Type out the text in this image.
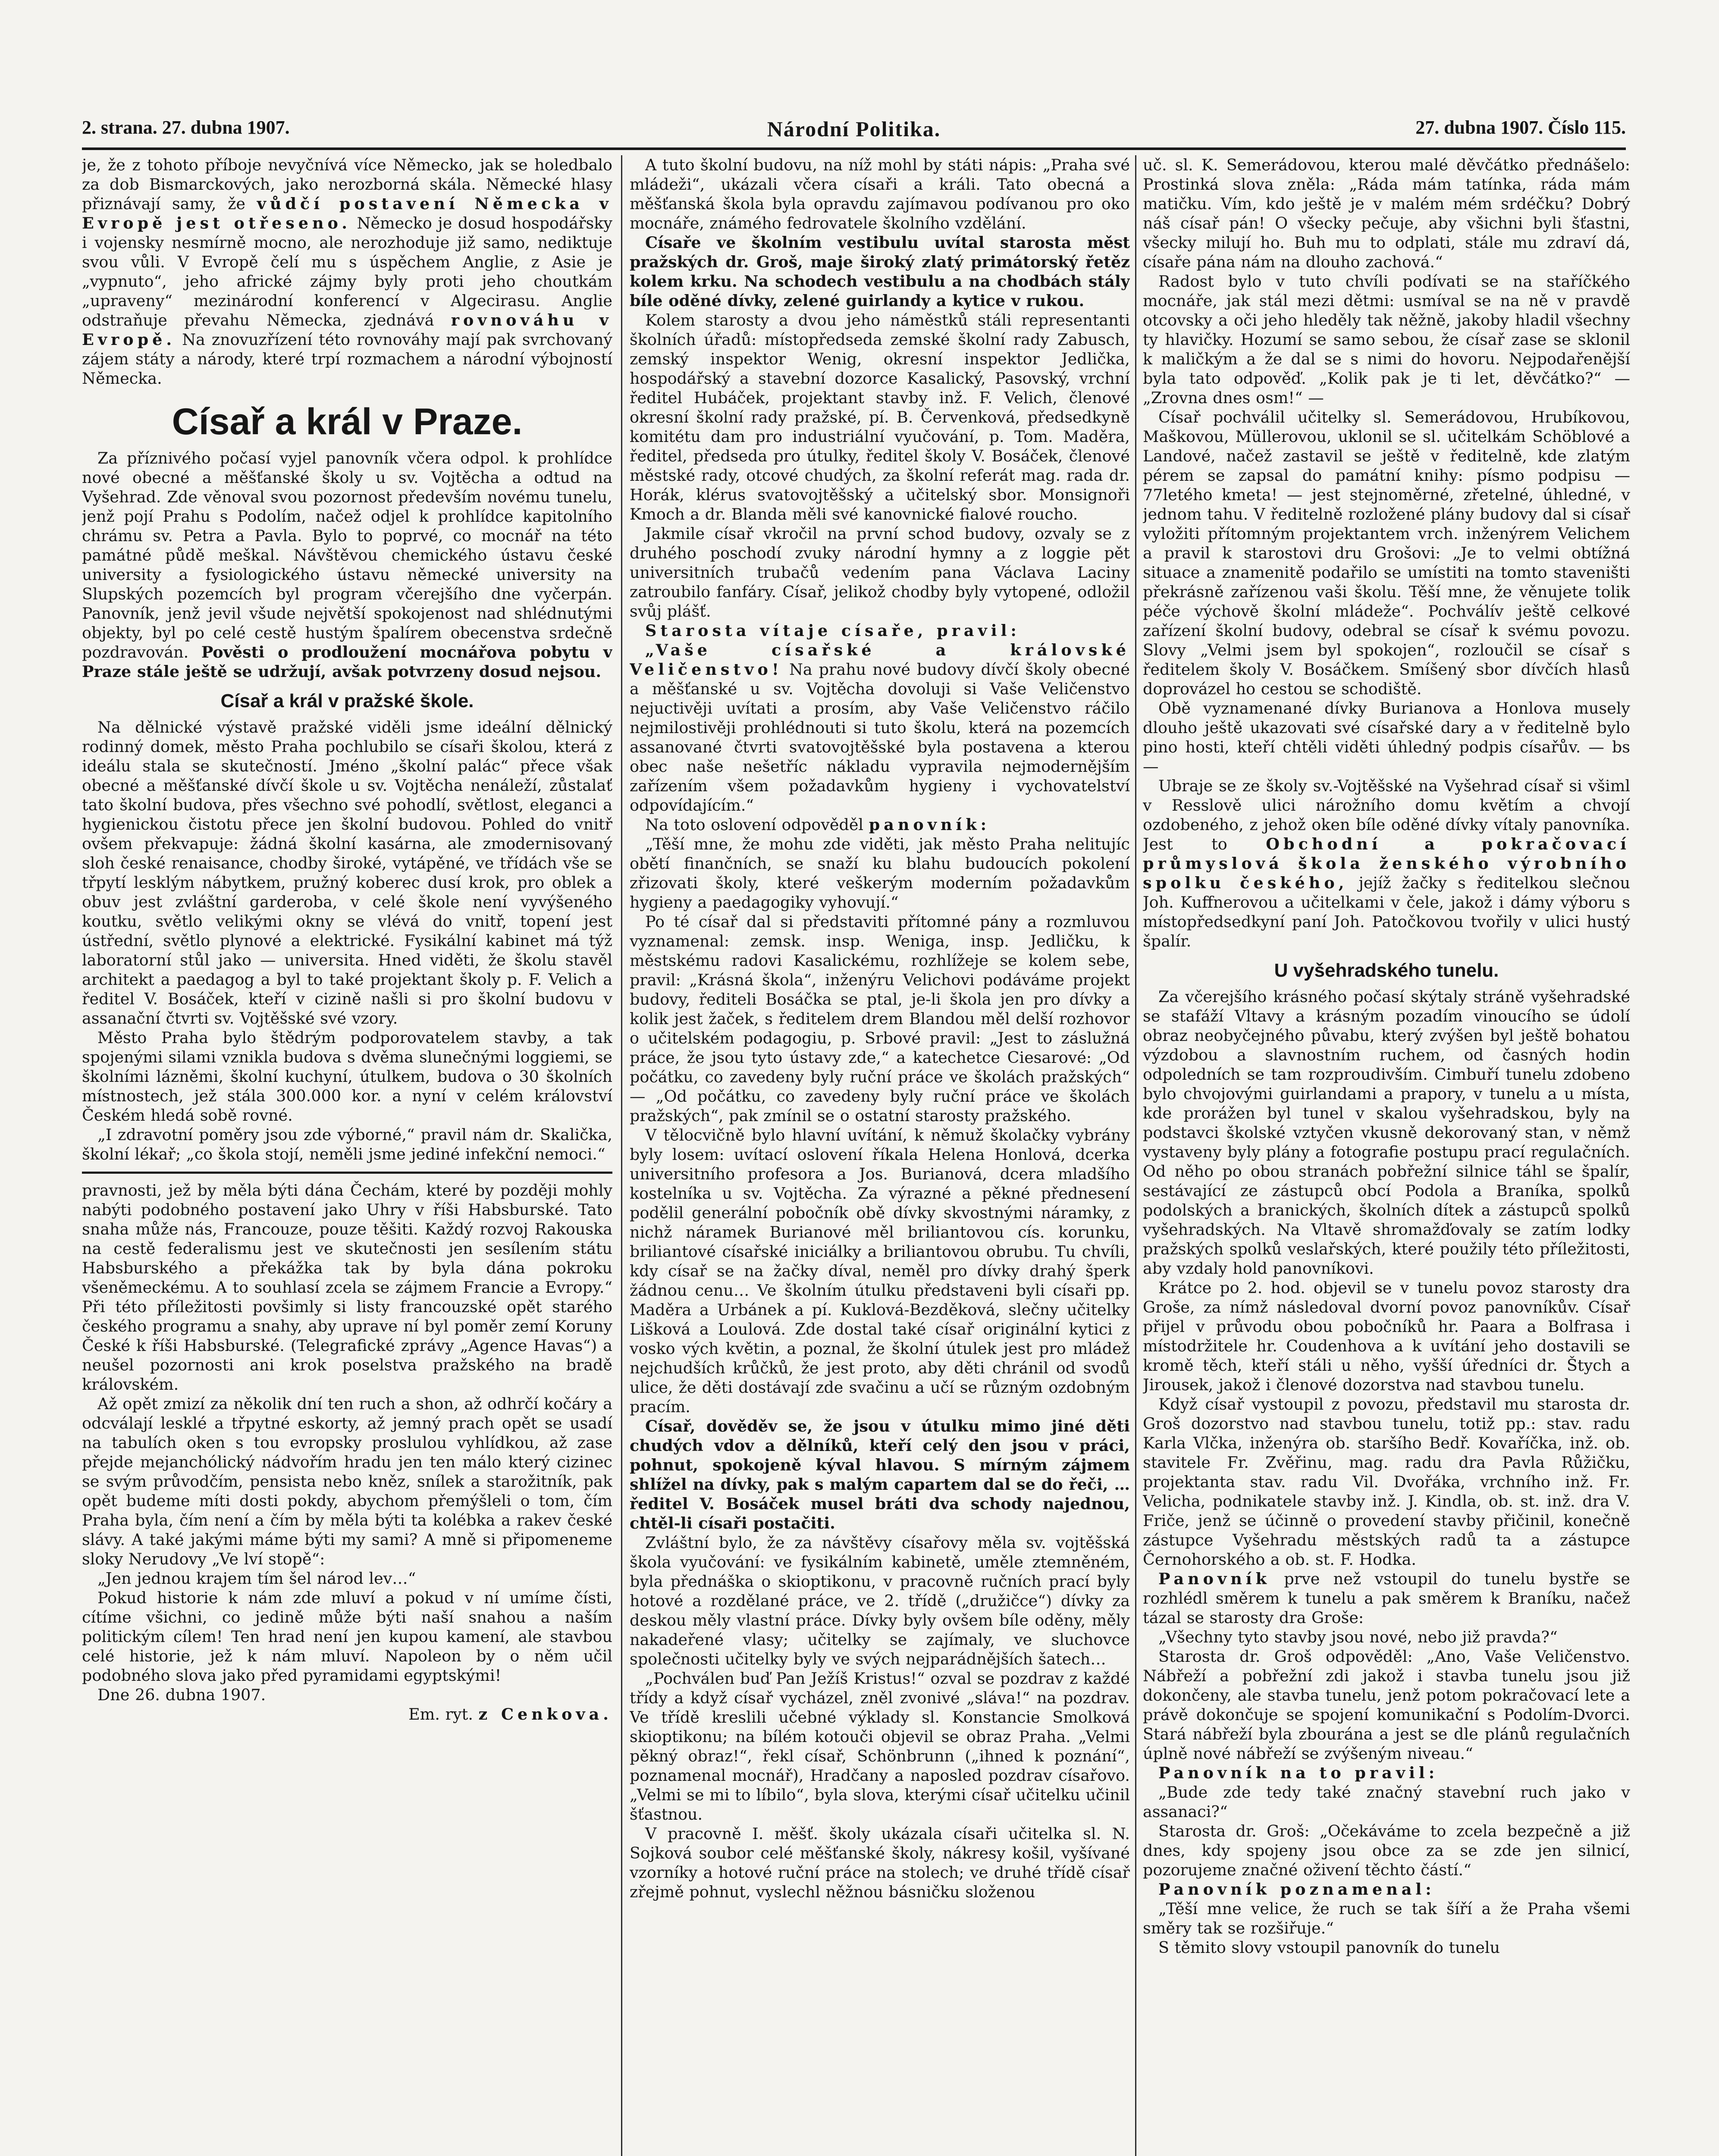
2. strana. 27. dubna 1907.	Národní Politika.	27. dubna 1907. Číslo 115.

je, že z tohoto příboje nevyčnívá více Německo, jak se holedbalo za dob Bismarckových, jako nerozborná skála. Německé hlasy přiznávají samy, že vůdčí postavení Německa v Evropě jest otřeseno. Německo je dosud hospodářsky i vojensky nesmírně mocno, ale nerozhoduje již samo, nediktuje svou vůli. V Evropě čelí mu s úspěchem Anglie, z Asie je „vypnuto“, jeho africké zájmy byly proti jeho choutkám „upraveny“ mezinárodní konferencí v Algecirasu. Anglie odstraňuje převahu Německa, zjednává rovnováhu v Evropě. Na znovuzřízení této rovnováhy mají pak svrchovaný zájem státy a národy, které trpí rozmachem a národní výbojností Německa.

Císař a král v Praze.

Za příznivého počasí vyjel panovník včera odpol. k prohlídce nové obecné a měšťanské školy u sv. Vojtěcha a odtud na Vyšehrad. Zde věnoval svou pozornost především novému tunelu, jenž pojí Prahu s Podolím, načež odjel k prohlídce kapitolního chrámu sv. Petra a Pavla. Bylo to poprvé, co mocnář na této památné půdě meškal. Návštěvou chemického ústavu české university a fysiologického ústavu německé university na Slupských pozemcích byl program včerejšího dne vyčerpán. Panovník, jenž jevil všude největší spokojenost nad shlédnutými objekty, byl po celé cestě hustým špalírem obecenstva srdečně pozdravován. Pověsti o prodloužení mocnářova pobytu v Praze stále ještě se udržují, avšak potvrzeny dosud nejsou.

Císař a král v pražské škole.

Na dělnické výstavě pražské viděli jsme ideální dělnický rodinný domek, město Praha pochlubilo se císaři školou, která z ideálu stala se skutečností. Jméno „školní palác“ přece však obecné a měšťanské dívčí škole u sv. Vojtěcha nenáleží, zůstalať tato školní budova, přes všechno své pohodlí, světlost, eleganci a hygienickou čistotu přece jen školní budovou. Pohled do vnitř ovšem překvapuje: žádná školní kasárna, ale zmodernisovaný sloh české renaisance, chodby široké, vytápěné, ve třídách vše se třpytí lesklým nábytkem, pružný koberec dusí krok, pro oblek a obuv jest zvláštní garderoba, v celé škole není vyvýšeného koutku, světlo velikými okny se vlévá do vnitř, topení jest ústřední, světlo plynové a elektrické. Fysikální kabinet má týž laboratorní stůl jako — universita. Hned viděti, že školu stavěl architekt a paedagog a byl to také projektant školy p. F. Velich a ředitel V. Bosáček, kteří v cizině našli si pro školní budovu v assanační čtvrti sv. Vojtěšské své vzory.

Město Praha bylo štědrým podporovatelem stavby, a tak spojenými silami vznikla budova s dvěma slunečnými loggiemi, se školními lázněmi, školní kuchyní, útulkem, budova o 30 školních místnostech, jež stála 300.000 kor. a nyní v celém království Českém hledá sobě rovné.

„I zdravotní poměry jsou zde výborné,“ pravil nám dr. Skalička, školní lékař; „co škola stojí, neměli jsme jediné infekční nemoci.“

pravnosti, jež by měla býti dána Čechám, které by později mohly nabýti podobného postavení jako Uhry v říši Habsburské. Tato snaha může nás, Francouze, pouze těšiti. Každý rozvoj Rakouska na cestě federalismu jest ve skutečnosti jen sesílením státu Habsburského a překážka tak by byla dána pokroku všeněmeckému. A to souhlasí zcela se zájmem Francie a Evropy.“ Při této příležitosti povšimly si listy francouzské opět starého českého programu a snahy, aby uprave ní byl poměr zemí Koruny České k říši Habsburské. (Telegrafické zprávy „Agence Havas“) a neušel pozornosti ani krok poselstva pražského na bradě královském.

Až opět zmizí za několik dní ten ruch a shon, až odhrčí kočáry a odcválají lesklé a třpytné eskorty, až jemný prach opět se usadí na tabulích oken s tou evropsky proslulou vyhlídkou, až zase přejde mejanchólický nádvořím hradu jen ten málo který cizinec se svým průvodčím, pensista nebo kněz, snílek a starožitník, pak opět budeme míti dosti pokdy, abychom přemýšleli o tom, čím Praha byla, čím není a čím by měla býti ta kolébka a rakev české slávy. A také jakými máme býti my sami? A mně si připomeneme sloky Nerudovy „Ve lví stopě“:

„Jen jednou krajem tím šel národ lev…“

Pokud historie k nám zde mluví a pokud v ní umíme čísti, cítíme všichni, co jedině může býti naší snahou a naším politickým cílem! Ten hrad není jen kupou kamení, ale stavbou celé historie, jež k nám mluví. Napoleon by o něm učil podobného slova jako před pyramidami egyptskými!

Dne 26. dubna 1907.

Em. ryt. z Cenkova.

A tuto školní budovu, na níž mohl by státi nápis: „Praha své mládeži“, ukázali včera císaři a králi. Tato obecná a měšťanská škola byla opravdu zajímavou podívanou pro oko mocnáře, známého fedrovatele školního vzdělání.

Císaře ve školním vestibulu uvítal starosta měst pražských dr. Groš, maje široký zlatý primátorský řetěz kolem krku. Na schodech vestibulu a na chodbách stály bíle oděné dívky, zelené guirlandy a kytice v rukou.

Kolem starosty a dvou jeho náměstků stáli representanti školních úřadů: místopředseda zemské školní rady Zabusch, zemský inspektor Wenig, okresní inspektor Jedlička, hospodářský a stavební dozorce Kasalický, Pasovský, vrchní ředitel Hubáček, projektant stavby inž. F. Velich, členové okresní školní rady pražské, pí. B. Červenková, předsedkyně komitétu dam pro industriální vyučování, p. Tom. Maděra, ředitel, předseda pro útulky, ředitel školy V. Bosáček, členové městské rady, otcové chudých, za školní referát mag. rada dr. Horák, klérus svatovojtěšský a učitelský sbor. Monsignoři Kmoch a dr. Blanda měli své kanovnické fialové roucho.

Jakmile císař vkročil na první schod budovy, ozvaly se z druhého poschodí zvuky národní hymny a z loggie pět universitních trubačů vedením pana Václava Laciny zatroubilo fanfáry. Císař, jelikož chodby byly vytopené, odložil svůj plášť.

Starosta vítaje císaře, pravil:

„Vaše císařské a královské Veličenstvo! Na prahu nové budovy dívčí školy obecné a měšťanské u sv. Vojtěcha dovoluji si Vaše Veličenstvo nejuctivěji uvítati a prosím, aby Vaše Veličenstvo ráčilo nejmilostivěji prohlédnouti si tuto školu, která na pozemcích assanované čtvrti svatovojtěšské byla postavena a kterou obec naše nešetříc nákladu vypravila nejmodernějším zařízením všem požadavkům hygieny i vychovatelství odpovídajícím.“

Na toto oslovení odpověděl panovník:

„Těší mne, že mohu zde viděti, jak město Praha nelitujíc obětí finančních, se snaží ku blahu budoucích pokolení zřizovati školy, které veškerým moderním požadavkům hygieny a paedagogiky vyhovují.“

Po té císař dal si představiti přítomné pány a rozmluvou vyznamenal: zemsk. insp. Weniga, insp. Jedličku, k městskému radovi Kasalickému, rozhlížeje se kolem sebe, pravil: „Krásná škola“, inženýru Velichovi podáváme projekt budovy, řediteli Bosáčka se ptal, je-li škola jen pro dívky a kolik jest žaček, s ředitelem drem Blandou měl delší rozhovor o učitelském podagogiu, p. Srbové pravil: „Jest to záslužná práce, že jsou tyto ústavy zde,“ a katechetce Ciesarové: „Od počátku, co zavedeny byly ruční práce ve školách pražských“ — „Od počátku, co zavedeny byly ruční práce ve školách pražských“, pak zmínil se o ostatní starosty pražského.

V tělocvičně bylo hlavní uvítání, k němuž školačky vybrány byly losem: uvítací oslovení říkala Helena Honlová, dcerka universitního profesora a Jos. Burianová, dcera mladšího kostelníka u sv. Vojtěcha. Za výrazné a pěkné přednesení podělil generální pobočník obě dívky skvostnými náramky, z nichž náramek Burianové měl briliantovou cís. korunku, briliantové císařské iniciálky a briliantovou obrubu. Tu chvíli, kdy císař se na žačky díval, neměl pro dívky drahý šperk žádnou cenu… Ve školním útulku představeni byli císaři pp. Maděra a Urbánek a pí. Kuklová-Bezděková, slečny učitelky Lišková a Loulová. Zde dostal také císař originální kytici z vosko vých květin, a poznal, že školní útulek jest pro mládež nejchudších krůčků, že jest proto, aby děti chránil od svodů ulice, že děti dostávají zde svačinu a učí se různým ozdobným pracím.

Císař, dověděv se, že jsou v útulku mimo jiné děti chudých vdov a dělníků, kteří celý den jsou v práci, pohnut, spokojeně kýval hlavou. S mírným zájmem shlížel na dívky, pak s malým capartem dal se do řeči, … ředitel V. Bosáček musel bráti dva schody najednou, chtěl-li císaři postačiti.

Zvláštní bylo, že za návštěvy císařovy měla sv. vojtěšská škola vyučování: ve fysikálním kabinetě, uměle ztemněném, byla přednáška o skioptikonu, v pracovně ručních prací byly hotové a rozdělané práce, ve 2. třídě („družičce“) dívky za deskou měly vlastní práce. Dívky byly ovšem bíle oděny, měly nakadeřené vlasy; učitelky se zajímaly, ve sluchovce společnosti učitelky byly ve svých nejparádnějších šatech…

„Pochválen buď Pan Ježíš Kristus!“ ozval se pozdrav z každé třídy a když císař vycházel, zněl zvonivé „sláva!“ na pozdrav. Ve třídě kreslili učebné výklady sl. Konstancie Smolková skioptikonu; na bílém kotouči objevil se obraz Praha. „Velmi pěkný obraz!“, řekl císař, Schönbrunn („ihned k poznání“, poznamenal mocnář), Hradčany a naposled pozdrav císařovo. „Velmi se mi to líbilo“, byla slova, kterými císař učitelku učinil šťastnou.

V pracovně I. měšť. školy ukázala císaři učitelka sl. N. Sojková soubor celé měšťanské školy, nákresy košil, vyšívané vzorníky a hotové ruční práce na stolech; ve druhé třídě císař zřejmě pohnut, vyslechl něžnou básničku složenou

uč. sl. K. Semerádovou, kterou malé děvčátko přednášelo: Prostinká slova zněla: „Ráda mám tatínka, ráda mám matičku. Vím, kdo ještě je v malém mém srdéčku? Dobrý náš císař pán! O všecky pečuje, aby všichni byli šťastni, všecky milují ho. Buh mu to odplati, stále mu zdraví dá, císaře pána nám na dlouho zachová.“

Radost bylo v tuto chvíli podívati se na staříčkého mocnáře, jak stál mezi dětmi: usmíval se na ně v pravdě otcovsky a oči jeho hleděly tak něžně, jakoby hladil všechny ty hlavičky. Hozumí se samo sebou, že císař zase se sklonil k maličkým a že dal se s nimi do hovoru. Nejpodařenější byla tato odpověď. „Kolik pak je ti let, děvčátko?“ — „Zrovna dnes osm!“ —

Císař pochválil učitelky sl. Semerádovou, Hrubíkovou, Maškovou, Müllerovou, uklonil se sl. učitelkám Schöblové a Landové, načež zastavil se ještě v ředitelně, kde zlatým pérem se zapsal do památní knihy: písmo podpisu — 77letého kmeta! — jest stejnoměrné, zřetelné, úhledné, v jednom tahu. V ředitelně rozložené plány budovy dal si císař vyložiti přítomným projektantem vrch. inženýrem Velichem a pravil k starostovi dru Grošovi: „Je to velmi obtížná situace a znamenitě podařilo se umístiti na tomto staveništi překrásně zařízenou vaši školu. Těší mne, že věnujete tolik péče výchově školní mládeže“. Pochválív ještě celkové zařízení školní budovy, odebral se císař k svému povozu. Slovy „Velmi jsem byl spokojen“, rozloučil se císař s ředitelem školy V. Bosáčkem. Smíšený sbor dívčích hlasů doprovázel ho cestou se schodiště.

Obě vyznamenané dívky Burianova a Honlova musely dlouho ještě ukazovati své císařské dary a v ředitelně bylo pino hosti, kteří chtěli viděti úhledný podpis císařův. — bs —

Ubraje se ze školy sv.-Vojtěšské na Vyšehrad císař si všiml v Resslově ulici nárožního domu květím a chvojí ozdobeného, z jehož oken bíle oděné dívky vítaly panovníka. Jest to Obchodní a pokračovací průmyslová škola ženského výrobního spolku českého, jejíž žačky s ředitelkou slečnou Joh. Kuffnerovou a učitelkami v čele, jakož i dámy výboru s místopředsedkyní paní Joh. Patočkovou tvořily v ulici hustý špalír.

U vyšehradského tunelu.

Za včerejšího krásného počasí skýtaly stráně vyšehradské se stafáží Vltavy a krásným pozadím vinoucího se údolí obraz neobyčejného půvabu, který zvýšen byl ještě bohatou výzdobou a slavnostním ruchem, od časných hodin odpoledních se tam rozproudivším. Cimbuří tunelu zdobeno bylo chvojovými guirlandami a prapory, v tunelu a u místa, kde prorážen byl tunel v skalou vyšehradskou, byly na podstavci školské vztyčen vkusně dekorovaný stan, v němž vystaveny byly plány a fotografie postupu prací regulačních. Od něho po obou stranách pobřežní silnice táhl se špalír, sestávající ze zástupců obcí Podola a Braníka, spolků podolských a branických, školních dítek a zástupců spolků vyšehradských. Na Vltavě shromažďovaly se zatím lodky pražských spolků veslařských, které použily této příležitosti, aby vzdaly hold panovníkovi.

Krátce po 2. hod. objevil se v tunelu povoz starosty dra Groše, za nímž následoval dvorní povoz panovníkův. Císař přijel v průvodu obou pobočníků hr. Paara a Bolfrasa i místodržitele hr. Coudenhova a k uvítání jeho dostavili se kromě těch, kteří stáli u něho, vyšší úředníci dr. Štych a Jirousek, jakož i členové dozorstva nad stavbou tunelu.

Když císař vystoupil z povozu, představil mu starosta dr. Groš dozorstvo nad stavbou tunelu, totiž pp.: stav. radu Karla Vlčka, inženýra ob. staršího Bedř. Kovaříčka, inž. ob. stavitele Fr. Zvěřinu, mag. radu dra Pavla Růžičku, projektanta stav. radu Vil. Dvořáka, vrchního inž. Fr. Velicha, podnikatele stavby inž. J. Kindla, ob. st. inž. dra V. Friče, jenž se účinně o provedení stavby přičinil, konečně zástupce Vyšehradu městských radů ta a zástupce Černohorského a ob. st. F. Hodka.

Panovník prve než vstoupil do tunelu bystře se rozhlédl směrem k tunelu a pak směrem k Braníku, načež tázal se starosty dra Groše:

„Všechny tyto stavby jsou nové, nebo již pravda?“

Starosta dr. Groš odpověděl: „Ano, Vaše Veličenstvo. Nábřeží a pobřežní zdi jakož i stavba tunelu jsou již dokončeny, ale stavba tunelu, jenž potom pokračovací lete a právě dokončuje se spojení komunikační s Podolím-Dvorci. Stará nábřeží byla zbourána a jest se dle plánů regulačních úplně nové nábřeží se zvýšeným niveau.“

Panovník na to pravil:

„Bude zde tedy také značný stavební ruch jako v assanaci?“

Starosta dr. Groš: „Očekáváme to zcela bezpečně a již dnes, kdy spojeny jsou obce za se zde jen silnicí, pozorujeme značné oživení těchto částí.“

Panovník poznamenal:

„Těší mne velice, že ruch se tak šíří a že Praha všemi směry tak se rozšiřuje.“

S těmito slovy vstoupil panovník do tunelu
